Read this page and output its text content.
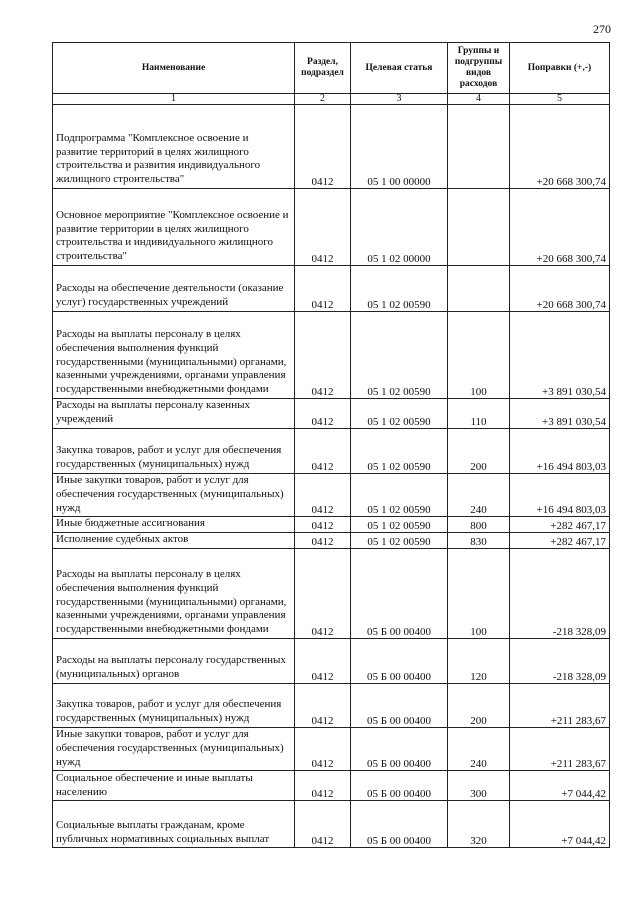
270
Наименование	Раздел, подраздел	Целевая статья	Группы и подгруппы видов расходов	Поправки (+,-)
1	2	3	4	5

Подпрограмма "Комплексное освоение и развитие территорий в целях жилищного строительства и развития индивидуального жилищного строительства"	0412	05 1 00 00000		+20 668 300,74

Основное мероприятие "Комплексное освоение и развитие территории в целях жилищного строительства и индивидуального жилищного строительства"	0412	05 1 02 00000		+20 668 300,74

Расходы на обеспечение деятельности (оказание услуг) государственных учреждений	0412	05 1 02 00590		+20 668 300,74

Расходы на выплаты персоналу в целях обеспечения выполнения функций государственными (муниципальными) органами, казенными учреждениями, органами управления государственными внебюджетными фондами	0412	05 1 02 00590	100	+3 891 030,54

Расходы на выплаты персоналу казенных учреждений	0412	05 1 02 00590	110	+3 891 030,54

Закупка товаров, работ и услуг для обеспечения государственных (муниципальных) нужд	0412	05 1 02 00590	200	+16 494 803,03

Иные закупки товаров, работ и услуг для обеспечения государственных (муниципальных) нужд	0412	05 1 02 00590	240	+16 494 803,03

Иные бюджетные ассигнования	0412	05 1 02 00590	800	+282 467,17

Исполнение судебных актов	0412	05 1 02 00590	830	+282 467,17

Расходы на выплаты персоналу в целях обеспечения выполнения функций государственными (муниципальными) органами, казенными учреждениями, органами управления государственными внебюджетными фондами	0412	05 Б 00 00400	100	-218 328,09

Расходы на выплаты персоналу государственных (муниципальных) органов	0412	05 Б 00 00400	120	-218 328,09

Закупка товаров, работ и услуг для обеспечения государственных (муниципальных) нужд	0412	05 Б 00 00400	200	+211 283,67

Иные закупки товаров, работ и услуг для обеспечения государственных (муниципальных) нужд	0412	05 Б 00 00400	240	+211 283,67

Социальное обеспечение и иные выплаты населению	0412	05 Б 00 00400	300	+7 044,42

Социальные выплаты гражданам, кроме публичных нормативных социальных выплат	0412	05 Б 00 00400	320	+7 044,42
